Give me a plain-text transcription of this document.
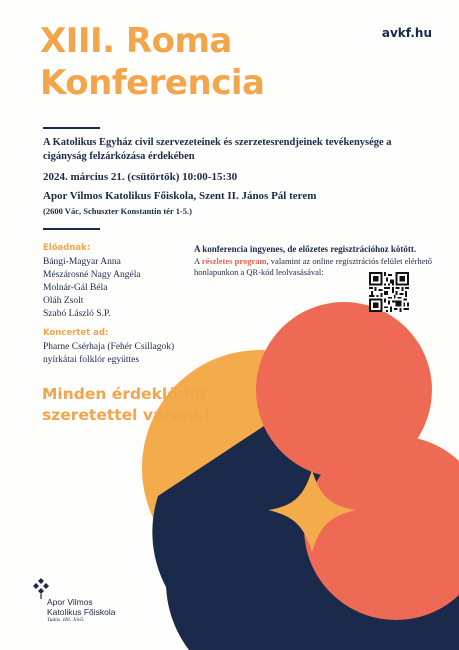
XIII. Roma
Konferencia
avkf.hu
A Katolikus Egyház civil szervezeteinek és szerzetesrendjeinek tevékenysége a cigányság felzárkózása érdekében
2024. március 21. (csütörtök) 10:00-15:30
Apor Vilmos Katolikus Főiskola, Szent II. János Pál terem
(2600 Vác, Schuszter Konstantin tér 1-5.)
Előadnak:
Bángi-Magyar Anna
Mészárosné Nagy Angéla
Molnár-Gál Béla
Oláh Zsolt
Szabó László S.P.
Koncertet ad:
Pharne Csérhaja (Fehér Csillagok)
nyírkátai folklór együttes
Minden érdeklődőt
szeretettel várunk!
A konferencia ingyenes, de előzetes regisztrációhoz kötött.
A részletes program, valamint az online regisztrációs felület elérhető honlapunkon a QR-kód leolvasásával:
Apor Vilmos
Katolikus Főiskola
Tudás. Hit. Jövő.
